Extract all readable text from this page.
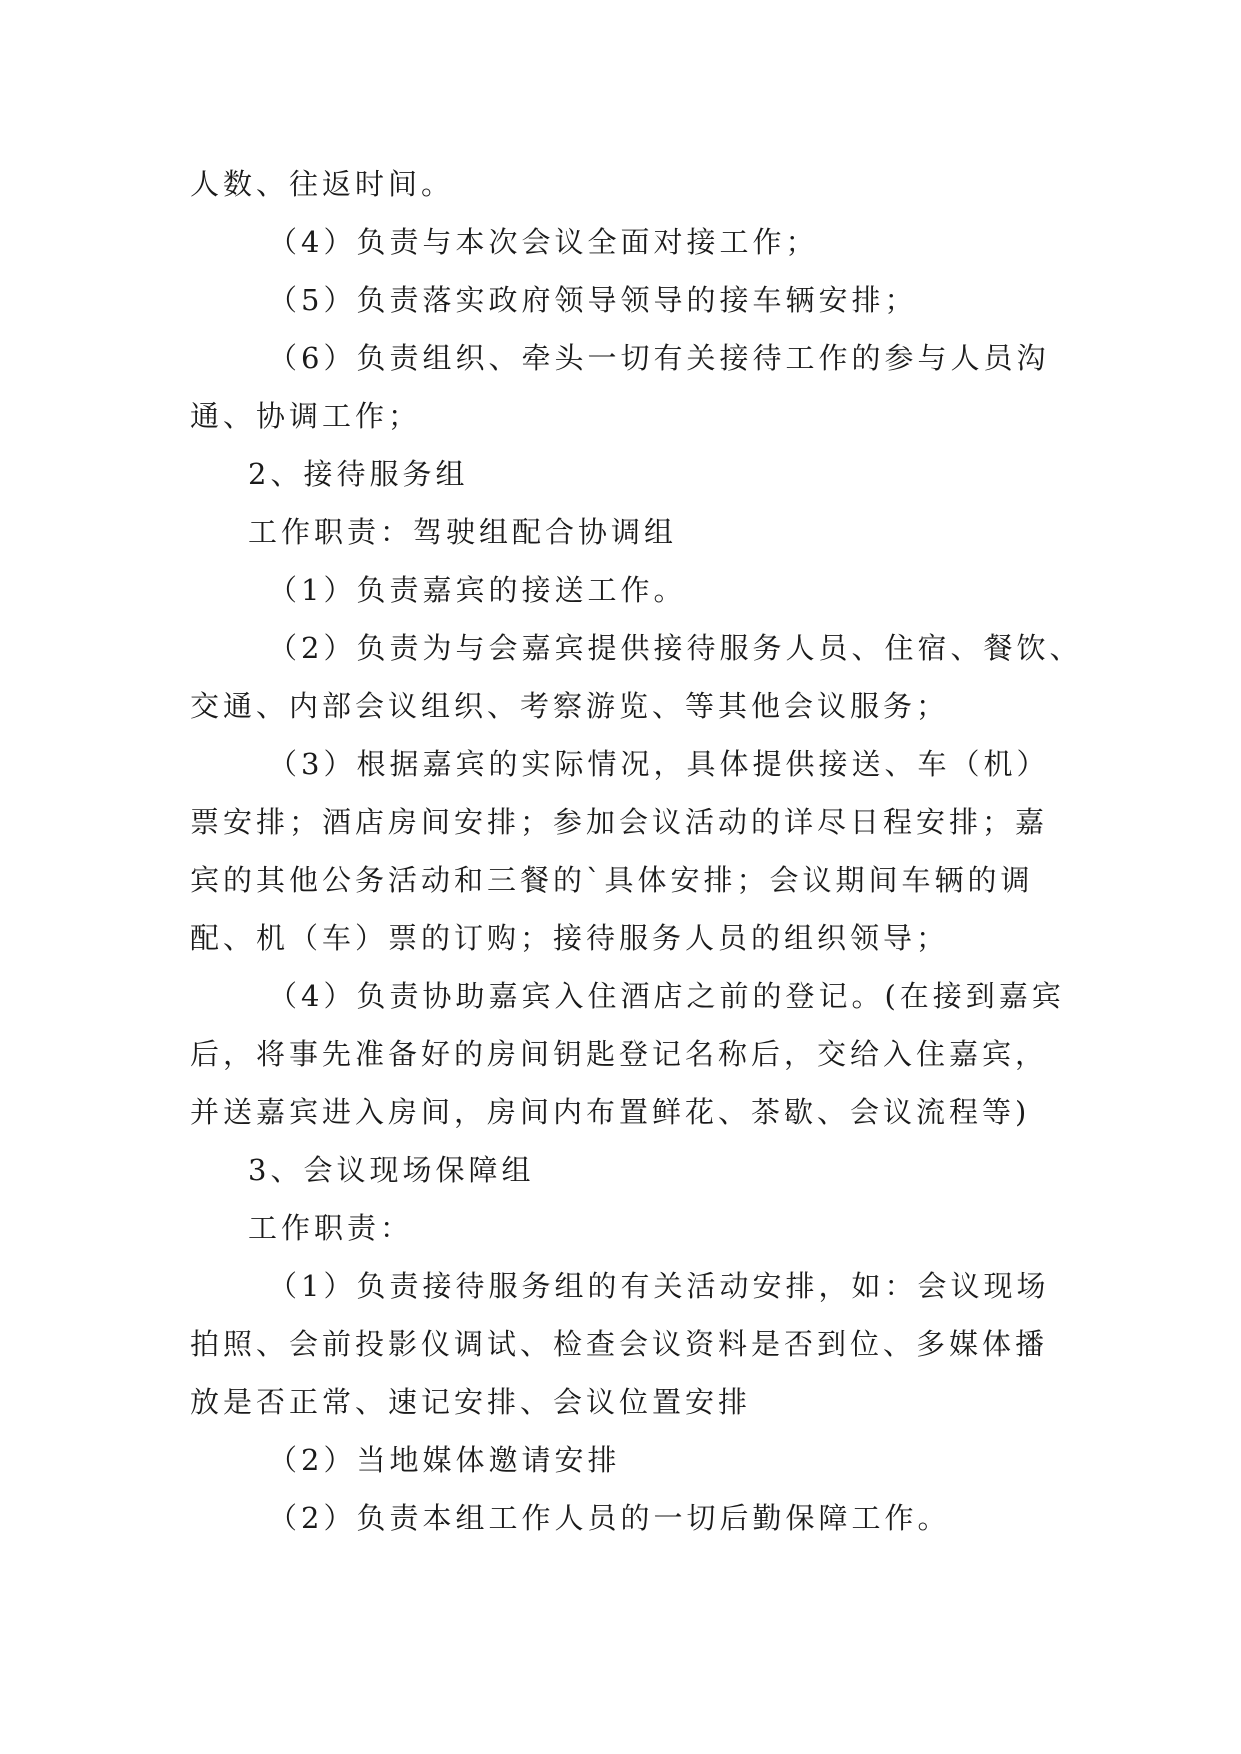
人数、往返时间。
（4）负责与本次会议全面对接工作；
（5）负责落实政府领导领导的接车辆安排；
（6）负责组织、牵头一切有关接待工作的参与人员沟
通、协调工作；
2、接待服务组
工作职责：驾驶组配合协调组
（1）负责嘉宾的接送工作。
（2）负责为与会嘉宾提供接待服务人员、住宿、餐饮、
交通、内部会议组织、考察游览、等其他会议服务；
（3）根据嘉宾的实际情况，具体提供接送、车（机）
票安排；酒店房间安排；参加会议活动的详尽日程安排；嘉
宾的其他公务活动和三餐的`具体安排；会议期间车辆的调
配、机（车）票的订购；接待服务人员的组织领导；
（4）负责协助嘉宾入住酒店之前的登记。(在接到嘉宾
后，将事先准备好的房间钥匙登记名称后，交给入住嘉宾，
并送嘉宾进入房间，房间内布置鲜花、茶歇、会议流程等)
3、会议现场保障组
工作职责：
（1）负责接待服务组的有关活动安排，如：会议现场
拍照、会前投影仪调试、检查会议资料是否到位、多媒体播
放是否正常、速记安排、会议位置安排
（2）当地媒体邀请安排
（2）负责本组工作人员的一切后勤保障工作。
